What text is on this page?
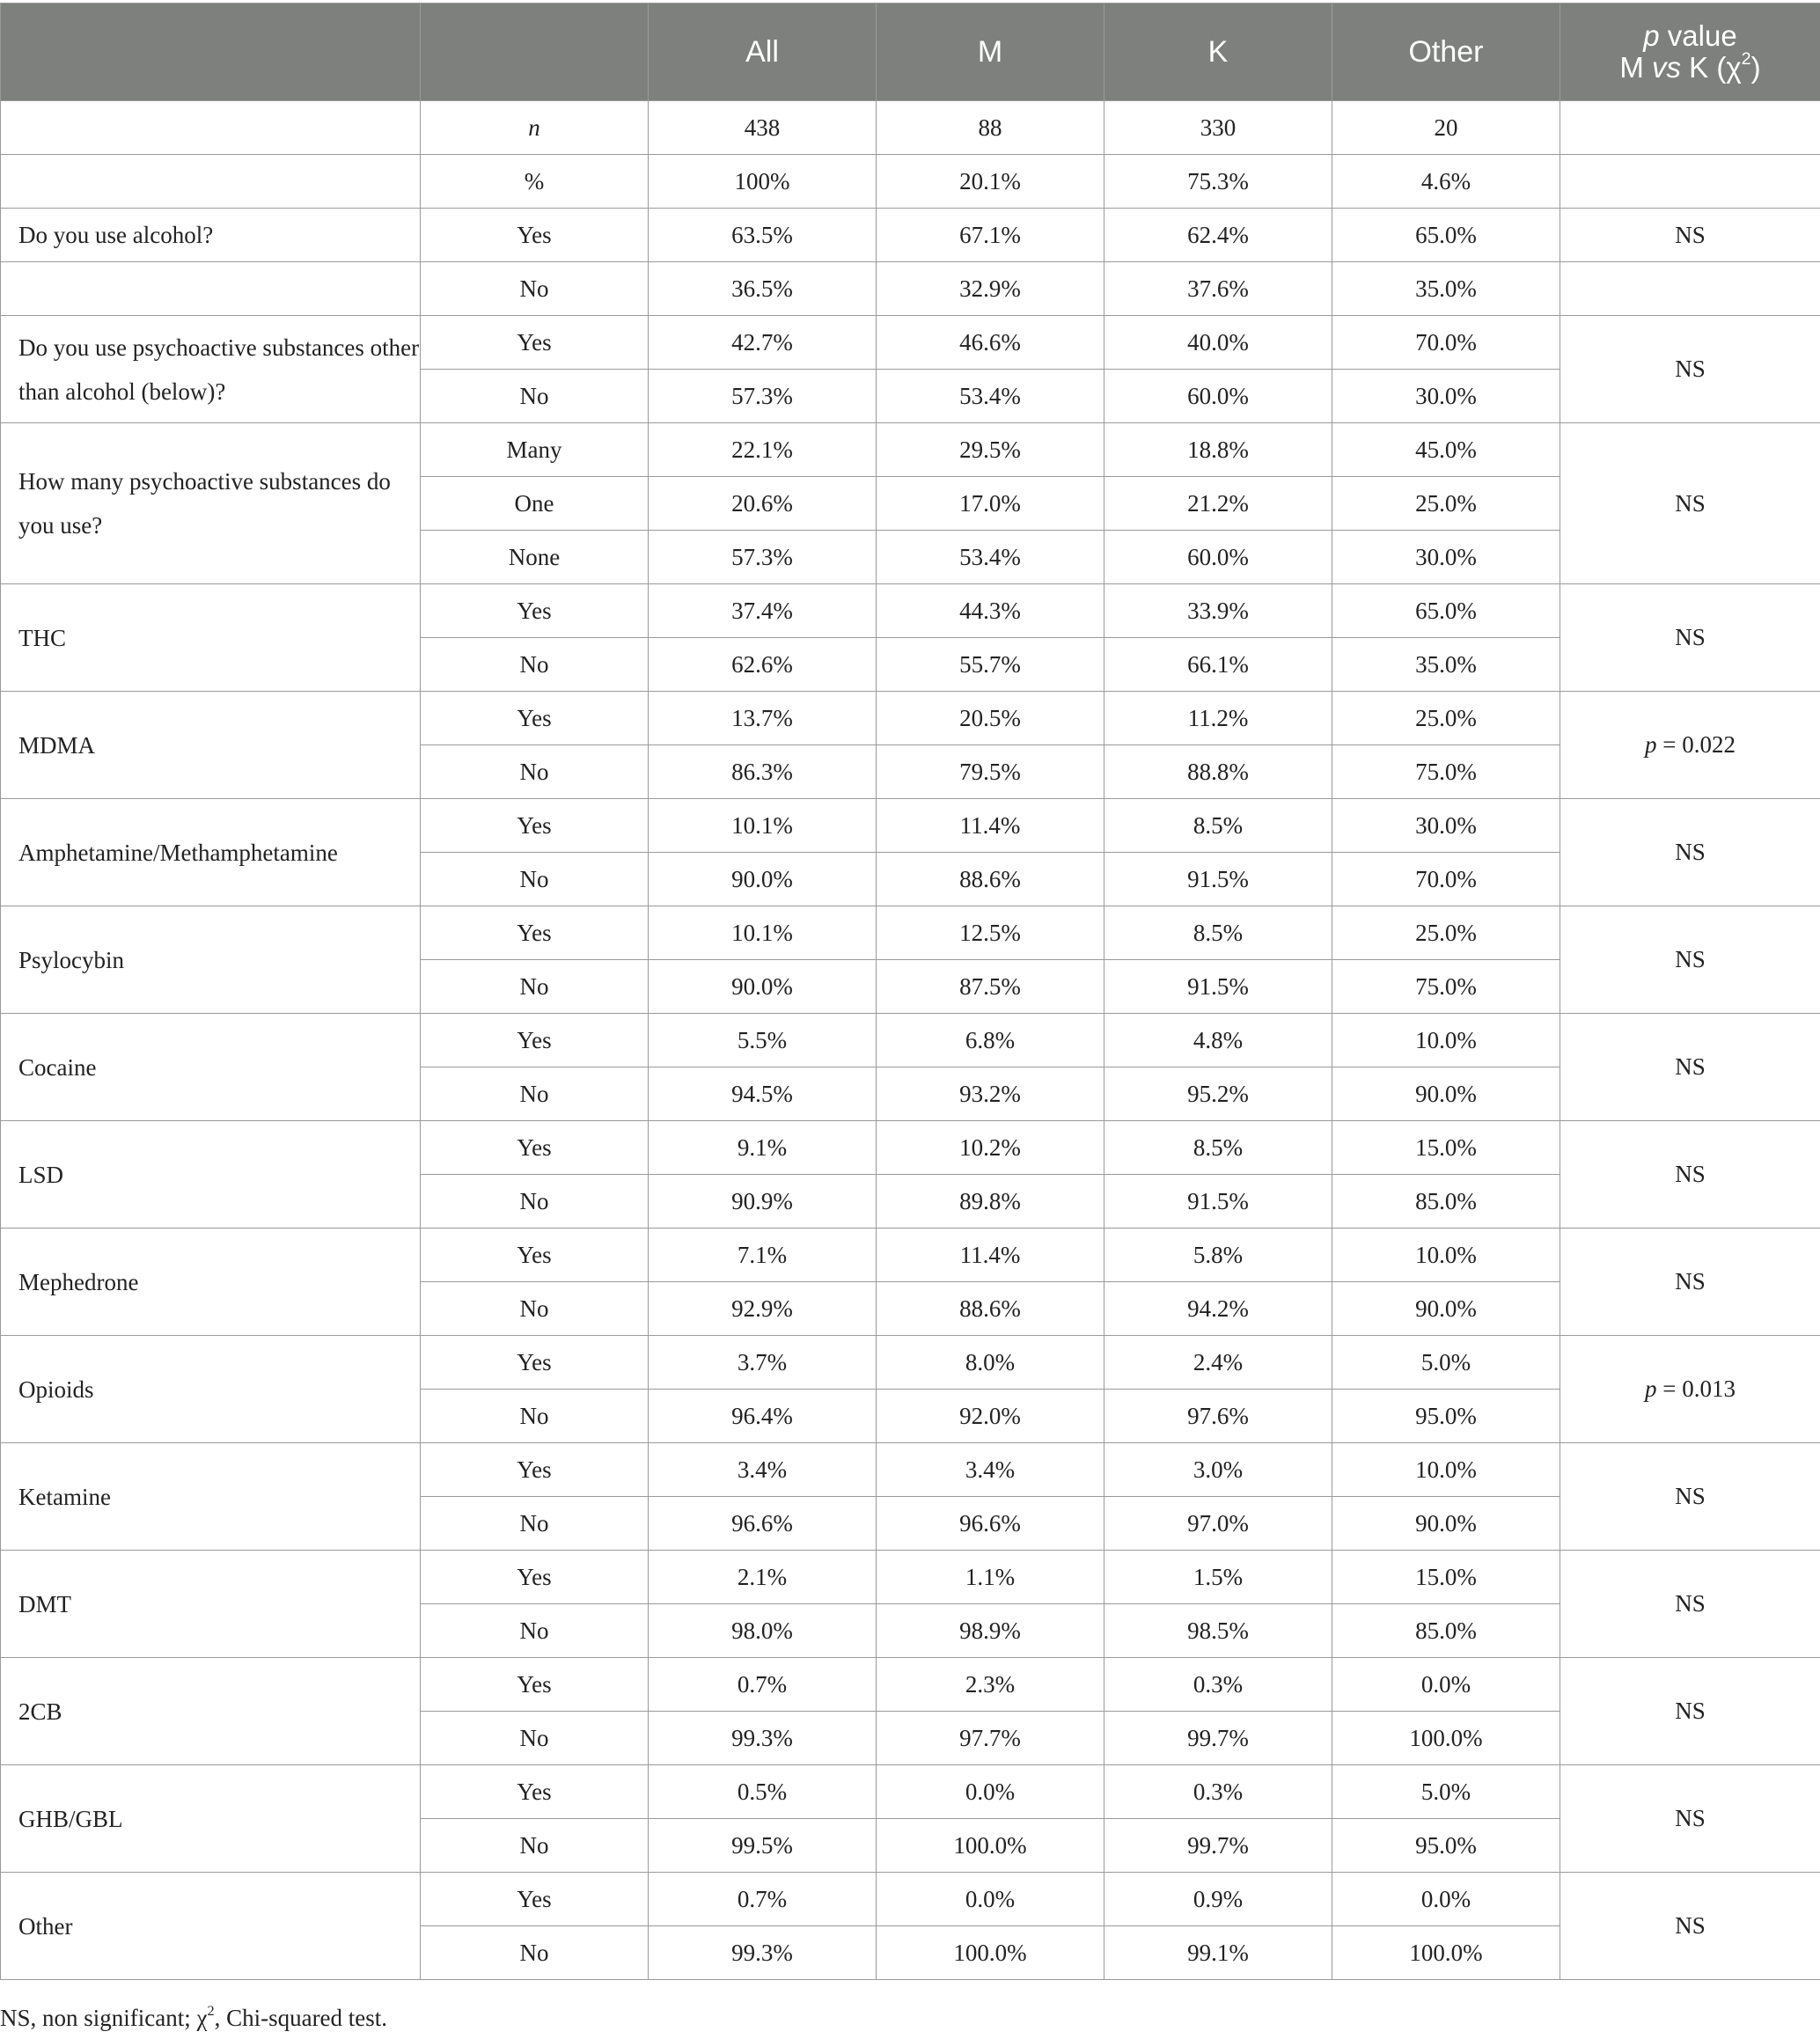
		All	M	K	Other	p value
M vs K $(\chi^2)$
	n	438	88	330	20	
	%	100%	20.1%	75.3%	4.6%	
Do you use alcohol?	Yes	63.5%	67.1%	62.4%	65.0%	NS
	No	36.5%	32.9%	37.6%	35.0%	
Do you use psychoactive substances other than alcohol (below)?	Yes	42.7%	46.6%	40.0%	70.0%	NS
	No	57.3%	53.4%	60.0%	30.0%	
How many psychoactive substances do you use?	Many	22.1%	29.5%	18.8%	45.0%	NS
	One	20.6%	17.0%	21.2%	25.0%	
	None	57.3%	53.4%	60.0%	30.0%	
THC	Yes	37.4%	44.3%	33.9%	65.0%	NS
	No	62.6%	55.7%	66.1%	35.0%	
MDMA	Yes	13.7%	20.5%	11.2%	25.0%	p = 0.022
	No	86.3%	79.5%	88.8%	75.0%	
Amphetamine/Methamphetamine	Yes	10.1%	11.4%	8.5%	30.0%	NS
	No	90.0%	88.6%	91.5%	70.0%	
Psylocybin	Yes	10.1%	12.5%	8.5%	25.0%	NS
	No	90.0%	87.5%	91.5%	75.0%	
Cocaine	Yes	5.5%	6.8%	4.8%	10.0%	NS
	No	94.5%	93.2%	95.2%	90.0%	
LSD	Yes	9.1%	10.2%	8.5%	15.0%	NS
	No	90.9%	89.8%	91.5%	85.0%	
Mephedrone	Yes	7.1%	11.4%	5.8%	10.0%	NS
	No	92.9%	88.6%	94.2%	90.0%	
Opioids	Yes	3.7%	8.0%	2.4%	5.0%	p = 0.013
	No	96.4%	92.0%	97.6%	95.0%	
Ketamine	Yes	3.4%	3.4%	3.0%	10.0%	NS
	No	96.6%	96.6%	97.0%	90.0%	
DMT	Yes	2.1%	1.1%	1.5%	15.0%	NS
	No	98.0%	98.9%	98.5%	85.0%	
2CB	Yes	0.7%	2.3%	0.3%	0.0%	NS
	No	99.3%	97.7%	99.7%	100.0%	
GHB/GBL	Yes	0.5%	0.0%	0.3%	5.0%	NS
	No	99.5%	100.0%	99.7%	95.0%	
Other	Yes	0.7%	0.0%	0.9%	0.0%	NS
	No	99.3%	100.0%	99.1%	100.0%	

NS, non significant; $\chi^2$, Chi-squared test.
